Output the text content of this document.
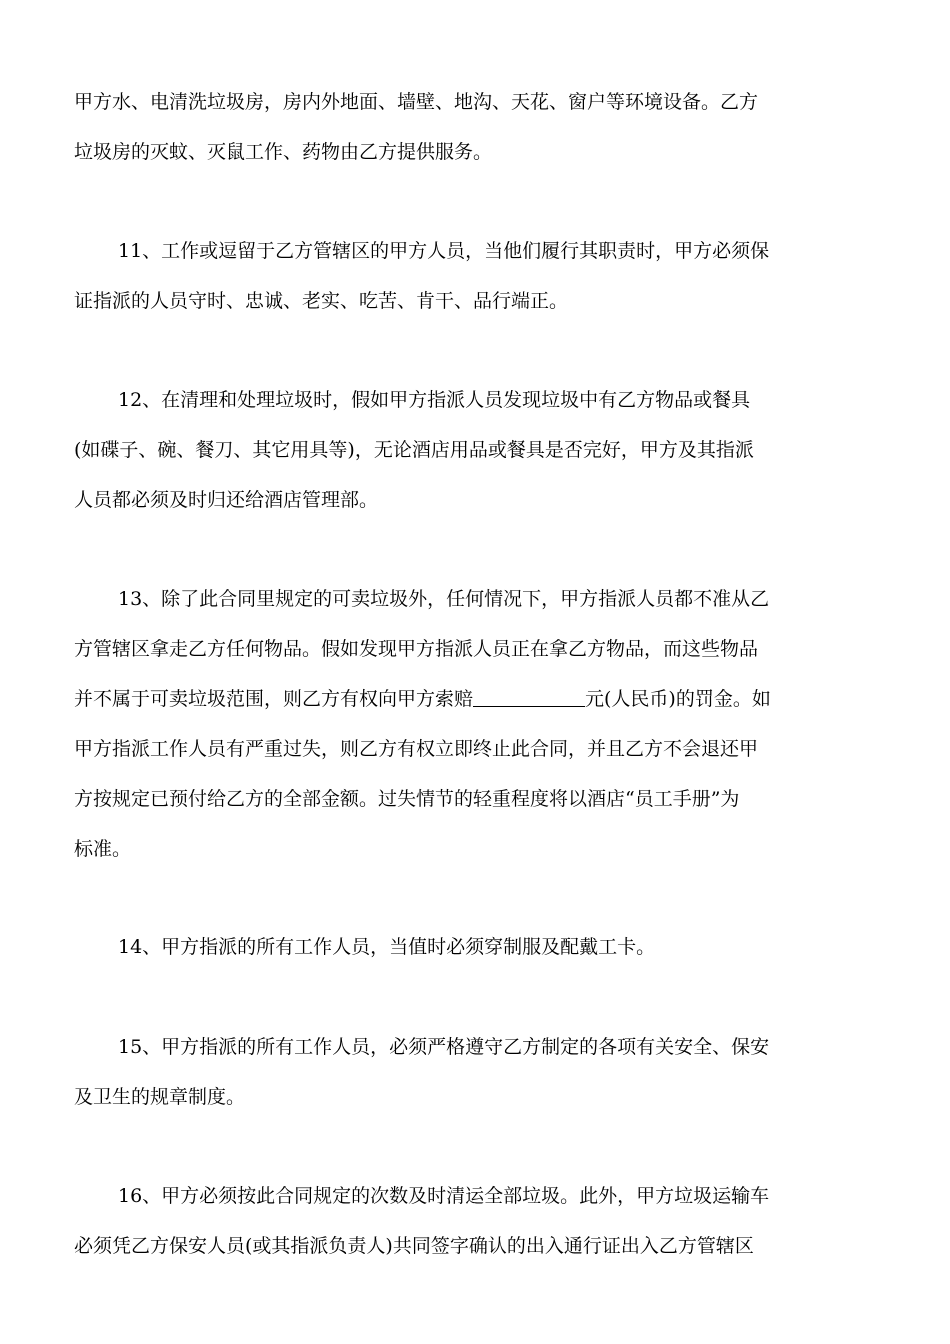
甲方水、电清洗垃圾房，房内外地面、墙壁、地沟、天花、窗户等环境设备。乙方
垃圾房的灭蚊、灭鼠工作、药物由乙方提供服务。

11、工作或逗留于乙方管辖区的甲方人员，当他们履行其职责时，甲方必须保
证指派的人员守时、忠诚、老实、吃苦、肯干、品行端正。

12、在清理和处理垃圾时，假如甲方指派人员发现垃圾中有乙方物品或餐具
(如碟子、碗、餐刀、其它用具等)，无论酒店用品或餐具是否完好，甲方及其指派
人员都必须及时归还给酒店管理部。

13、除了此合同里规定的可卖垃圾外，任何情况下，甲方指派人员都不准从乙
方管辖区拿走乙方任何物品。假如发现甲方指派人员正在拿乙方物品，而这些物品
并不属于可卖垃圾范围，则乙方有权向甲方索赔	元(人民币)的罚金。如
甲方指派工作人员有严重过失，则乙方有权立即终止此合同，并且乙方不会退还甲
方按规定已预付给乙方的全部金额。过失情节的轻重程度将以酒店“员工手册”为
标准。

14、甲方指派的所有工作人员，当值时必须穿制服及配戴工卡。

15、甲方指派的所有工作人员，必须严格遵守乙方制定的各项有关安全、保安
及卫生的规章制度。

16、甲方必须按此合同规定的次数及时清运全部垃圾。此外，甲方垃圾运输车
必须凭乙方保安人员(或其指派负责人)共同签字确认的出入通行证出入乙方管辖区
